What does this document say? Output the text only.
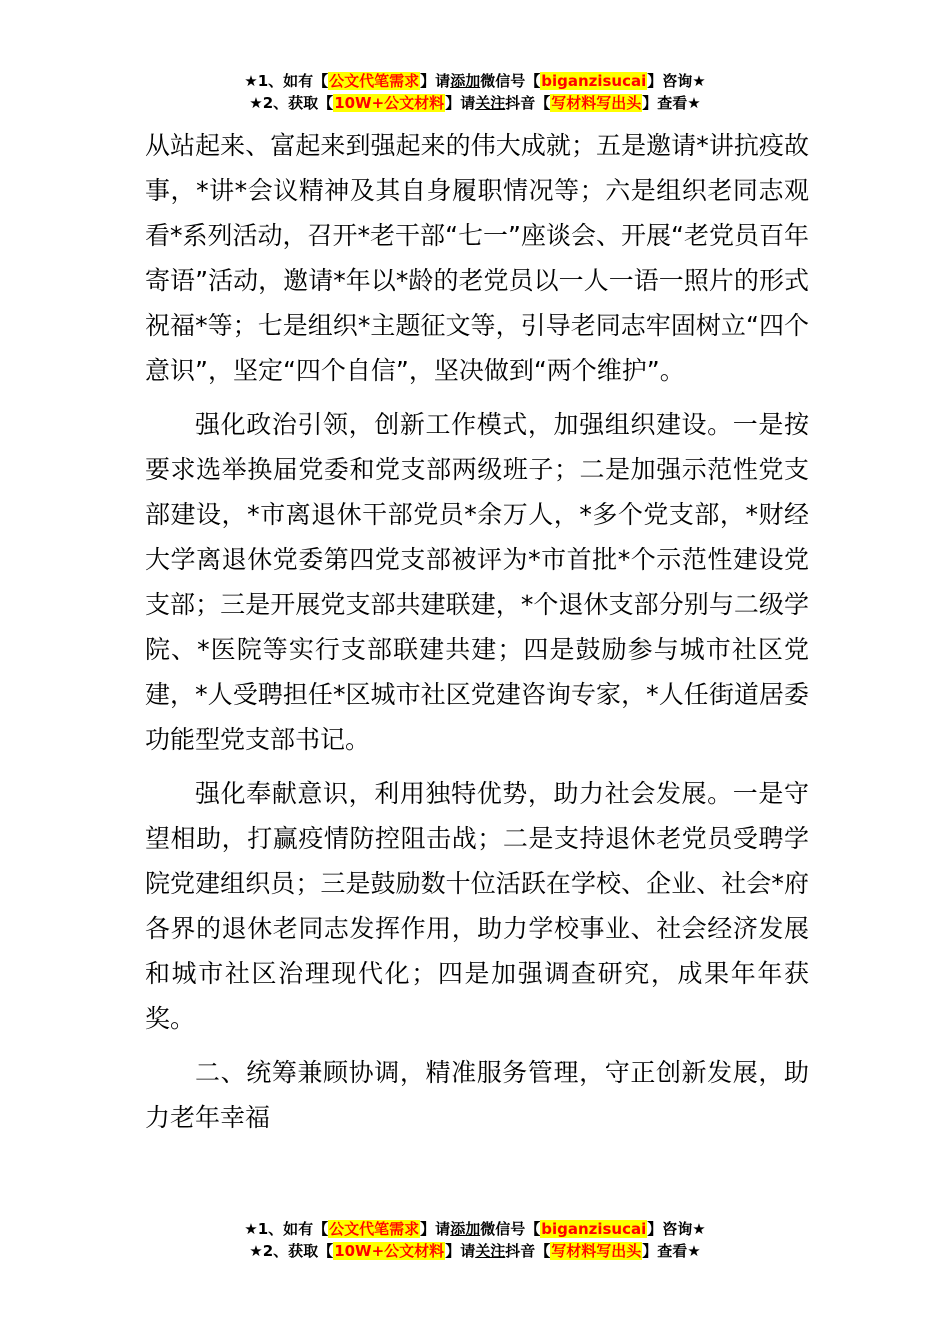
★1、如有【公文代笔需求】请添加微信号【biganzisucai】咨询★
★2、获取【10W+公文材料】请关注抖音【写材料写出头】查看★

从站起来、富起来到强起来的伟大成就；五是邀请*讲抗疫故事，*讲*会议精神及其自身履职情况等；六是组织老同志观看*系列活动，召开*老干部“七一”座谈会、开展“老党员百年寄语”活动，邀请*年以*龄的老党员以一人一语一照片的形式祝福*等；七是组织*主题征文等，引导老同志牢固树立“四个意识”，坚定“四个自信”，坚决做到“两个维护”。

强化政治引领，创新工作模式，加强组织建设。一是按要求选举换届党委和党支部两级班子；二是加强示范性党支部建设，*市离退休干部党员*余万人，*多个党支部，*财经大学离退休党委第四党支部被评为*市首批*个示范性建设党支部；三是开展党支部共建联建，*个退休支部分别与二级学院、*医院等实行支部联建共建；四是鼓励参与城市社区党建，*人受聘担任*区城市社区党建咨询专家，*人任街道居委功能型党支部书记。

强化奉献意识，利用独特优势，助力社会发展。一是守望相助，打赢疫情防控阻击战；二是支持退休老党员受聘学院党建组织员；三是鼓励数十位活跃在学校、企业、社会*府各界的退休老同志发挥作用，助力学校事业、社会经济发展和城市社区治理现代化；四是加强调查研究，成果年年获奖。

二、统筹兼顾协调，精准服务管理，守正创新发展，助力老年幸福

★1、如有【公文代笔需求】请添加微信号【biganzisucai】咨询★
★2、获取【10W+公文材料】请关注抖音【写材料写出头】查看★
